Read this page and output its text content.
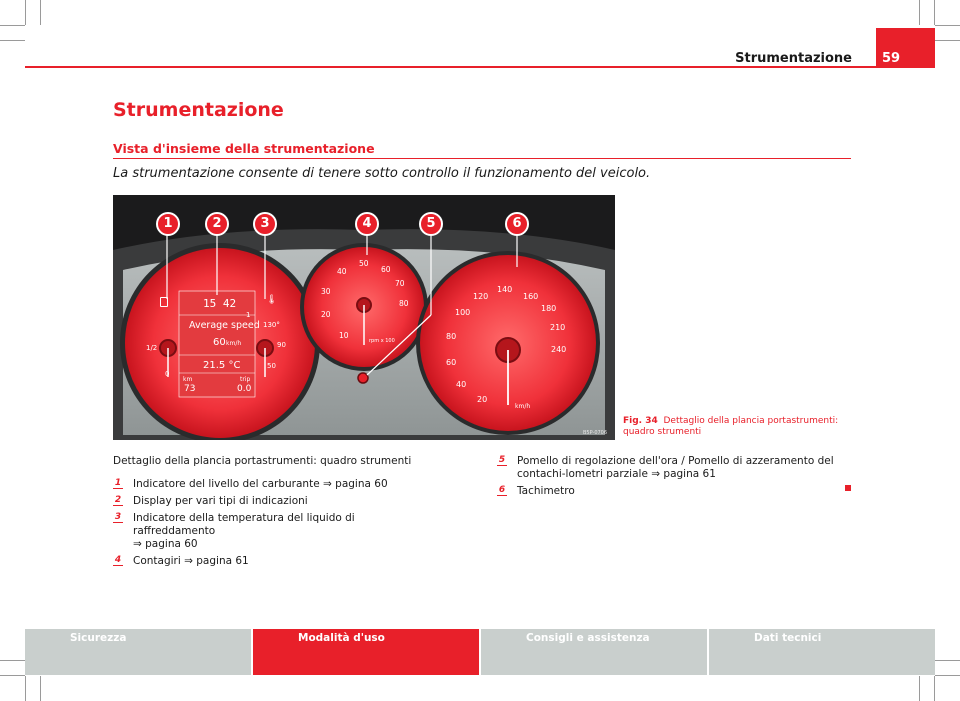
59
Strumentazione
Strumentazione
Vista d'insieme della strumentazione

La strumentazione consente di tenere sotto controllo il funzionamento del veicolo.

1	2	3	4	5	6
🌡
15 42
1
Average speed
60 km/h
21.5 °C
km	trip
73	0.0
1/2
0
130°
90
50
10
20
30
40
50
60
70
80
rpm x 100
20
40
60
80
100
120
140
160
180
210
240
km/h
B5P-0706
Fig. 34 Dettaglio della plancia portastrumenti: quadro strumenti

Dettaglio della plancia portastrumenti: quadro strumenti

1 Indicatore del livello del carburante ⇒ pagina 60
2 Display per vari tipi di indicazioni
3 Indicatore della temperatura del liquido di raffreddamento
⇒ pagina 60
4 Contagiri ⇒ pagina 61
5 Pomello di regolazione dell'ora / Pomello di azzeramento del contachi-lometri parziale ⇒ pagina 61
6 Tachimetro
Sicurezza	Modalità d'uso	Consigli e assistenza	Dati tecnici
